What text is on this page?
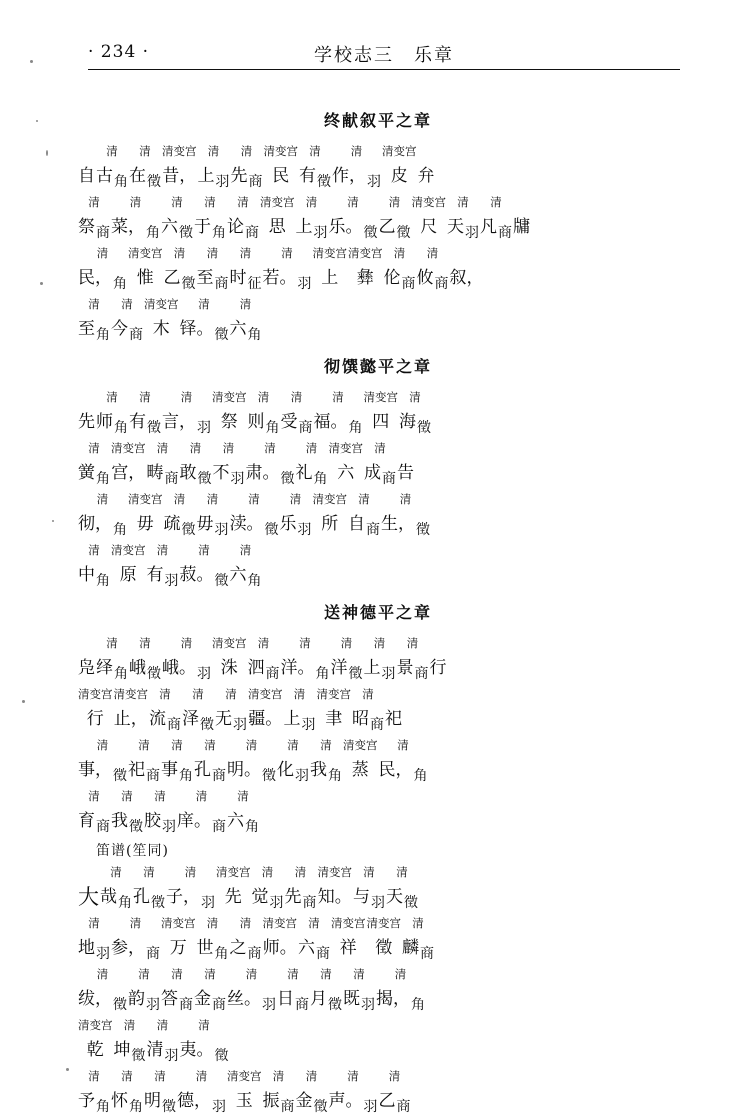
· 234 ·	学校志三　乐章
终献叙平之章
自
清
古 角
清
在 徵
清变宫
昔，
清
上 羽
清
先 商
清变宫
民
清
有 徵
清
作， 羽
清变宫
皮 弁
清
祭 商
清
菜， 角
清
六 徵
清
于 角
清
论 商
清变宫
思
清
上 羽
清
乐。 徵
清
乙 徵
清变宫
尺
清
天 羽
清
凡 商 牗
清
民， 角
清变宫
惟
清
乙 徵
清
至 商
清
时 征
清
若。 羽
清变宫
上
清变宫
彝
清
伦 商
清
攸 商 叙，
清
至 角
清
今 商
清变宫
木
清
铎。 徵
清
六 角
彻馔懿平之章
先
清
师 角
清
有 徵
清
言， 羽
清变宫
祭
清
则 角
清
受 商
清
福。 角
清变宫
四
清
海 徵
清
黉 角
清变宫
宫，
清
畴 商
清
敢 徵
清
不 羽
清
肃。 徵
清
礼 角
清变宫
六
清
成 商 告
清
彻， 角
清变宫
毋
清
疏 徵
清
毋 羽
清
渎。 徵
清
乐 羽
清变宫
所
清
自 商
清
生， 徵
清
中 角
清变宫
原
清
有 羽
清
菽。 徵
清
六 角
送神德平之章
凫
清
绎 角
清
峨 徵
清
峨。 羽
清变宫
洙
清
泗 商
清
洋。 角
清
洋 徵
清
上 羽
清
景 商 行
清变宫
行
清变宫
止，
清
流 商
清
泽 徵
清
无 羽
清变宫
疆。
清
上 羽
清变宫
聿
清
昭 商 祀
清
事， 徵
清
祀 商
清
事 角
清
孔 商
清
明。 徵
清
化 羽
清
我 角
清变宫
蒸
清
民， 角
清
育 商
清
我 徵
清
胶 羽
清
庠。 商
清
六 角
笛谱(笙同)
大
清
哉 角
清
孔 徵
清
子， 羽
清变宫
先
清
觉 羽
清
先 商
清变宫
知。
清
与 羽
清
天 徵
清
地 羽
清
参， 商
清变宫
万
清
世 角
清
之 商
清变宫
师。
清
六 商
清变宫
祥
清变宫
徵
清
麟 商
清
绂， 徵
清
韵 羽
清
答 商
清
金 商
清
丝。 羽
清
日 商
清
月 徵
清
既 羽
清
揭， 角
清变宫
乾
清
坤 徵
清
清 羽
清
夷。 徵
清
予 角
清
怀 角
清
明 徵
清
德， 羽
清变宫
玉
清
振 商
清
金 徵
清
声。 羽
清
乙 商
